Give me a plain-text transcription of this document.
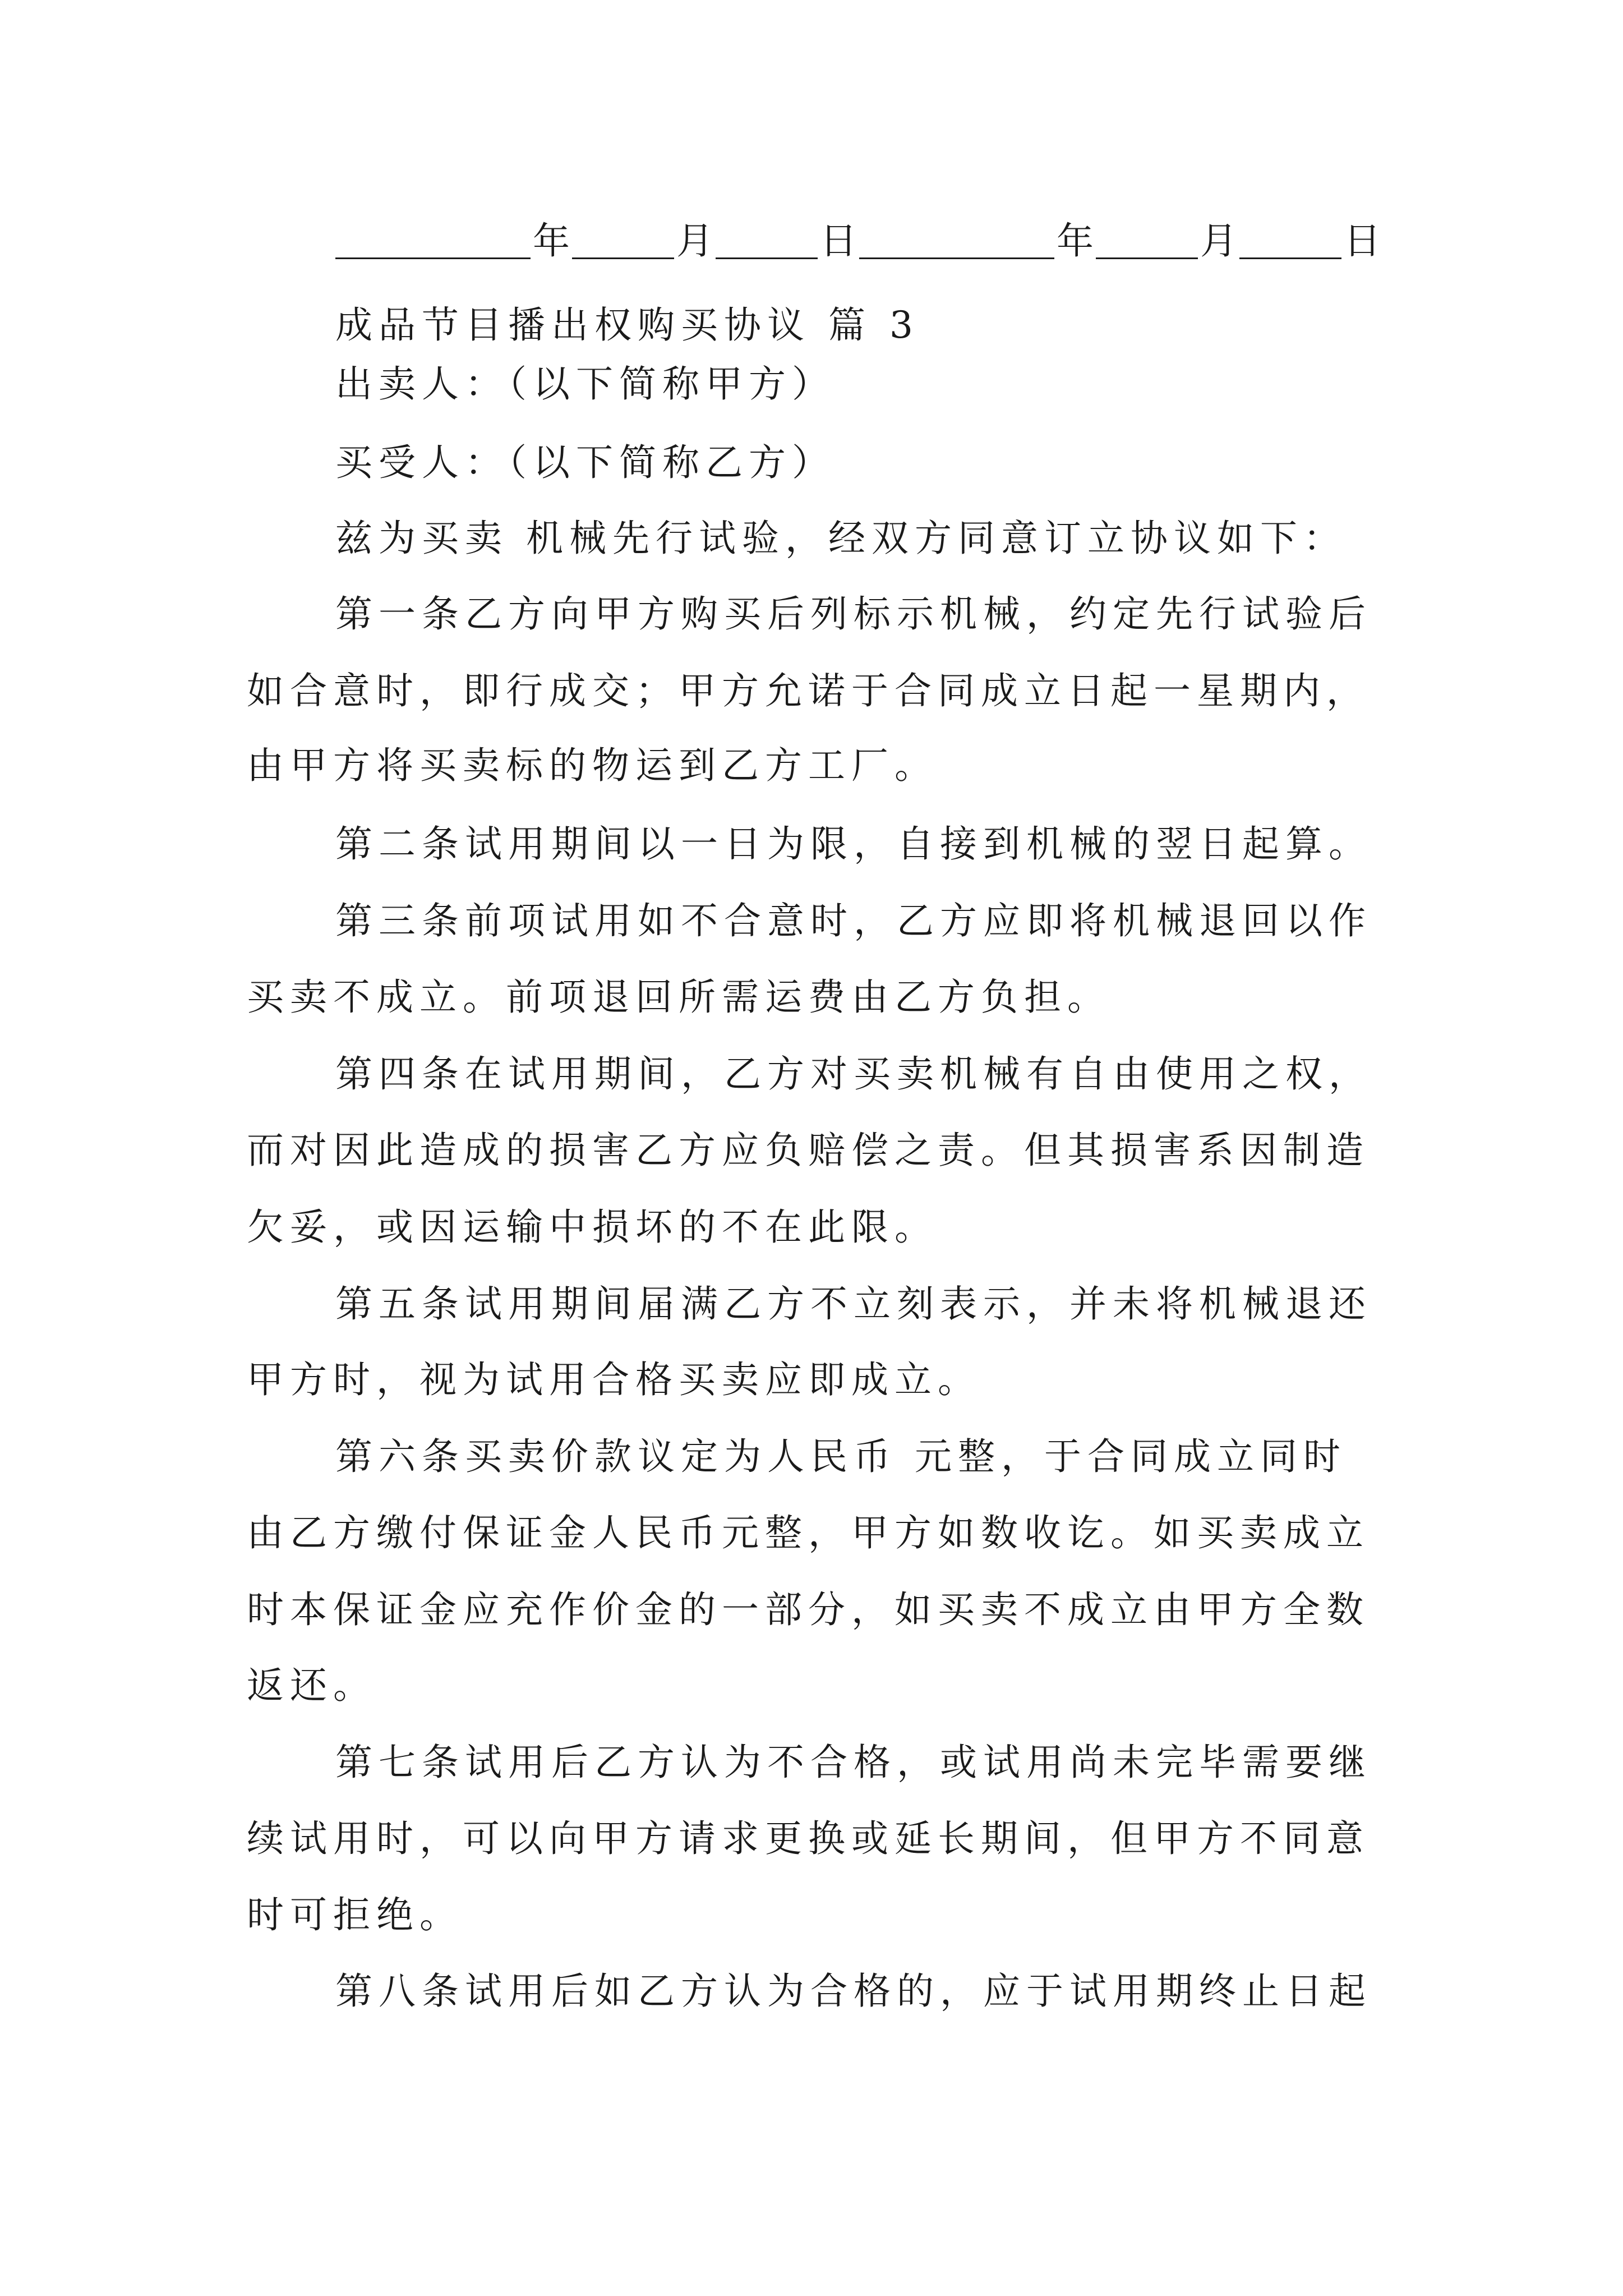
年	月	日	年	月	日
成品节目播出权购买协议 篇 3
出卖人：（以下简称甲方）
买受人：（以下简称乙方）
兹为买卖 机械先行试验，经双方同意订立协议如下：
第一条乙方向甲方购买后列标示机械，约定先行试验后
如合意时，即行成交；甲方允诺于合同成立日起一星期内，
由甲方将买卖标的物运到乙方工厂。
第二条试用期间以一日为限，自接到机械的翌日起算。
第三条前项试用如不合意时，乙方应即将机械退回以作
买卖不成立。前项退回所需运费由乙方负担。
第四条在试用期间，乙方对买卖机械有自由使用之权，
而对因此造成的损害乙方应负赔偿之责。但其损害系因制造
欠妥，或因运输中损坏的不在此限。
第五条试用期间届满乙方不立刻表示，并未将机械退还
甲方时，视为试用合格买卖应即成立。
第六条买卖价款议定为人民币 元整，于合同成立同时
由乙方缴付保证金人民币元整，甲方如数收讫。如买卖成立
时本保证金应充作价金的一部分，如买卖不成立由甲方全数
返还。
第七条试用后乙方认为不合格，或试用尚未完毕需要继
续试用时，可以向甲方请求更换或延长期间，但甲方不同意
时可拒绝。
第八条试用后如乙方认为合格的，应于试用期终止日起
